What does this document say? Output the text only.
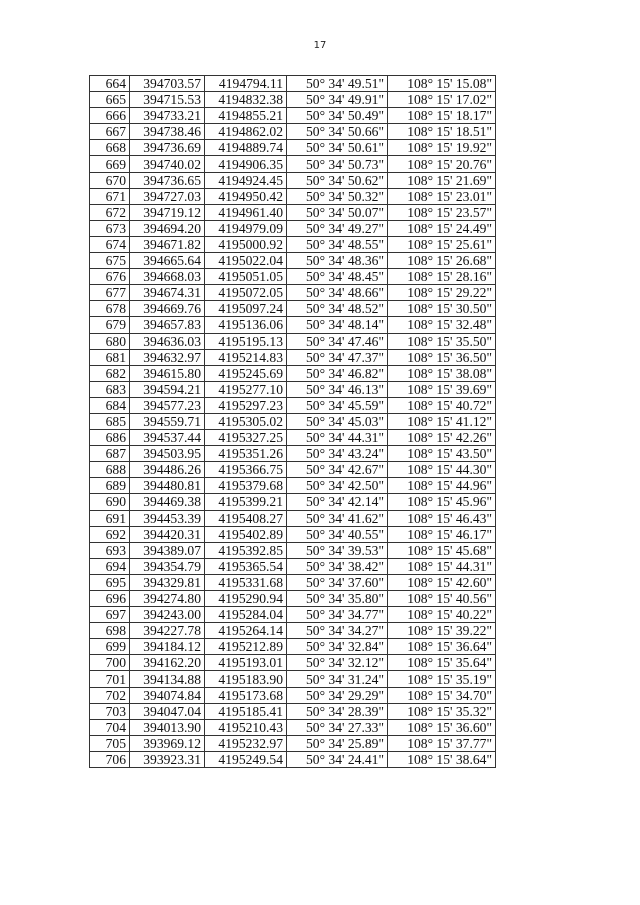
17
664	394703.57	4194794.11	50° 34' 49.51"	108° 15' 15.08"
665	394715.53	4194832.38	50° 34' 49.91"	108° 15' 17.02"
666	394733.21	4194855.21	50° 34' 50.49"	108° 15' 18.17"
667	394738.46	4194862.02	50° 34' 50.66"	108° 15' 18.51"
668	394736.69	4194889.74	50° 34' 50.61"	108° 15' 19.92"
669	394740.02	4194906.35	50° 34' 50.73"	108° 15' 20.76"
670	394736.65	4194924.45	50° 34' 50.62"	108° 15' 21.69"
671	394727.03	4194950.42	50° 34' 50.32"	108° 15' 23.01"
672	394719.12	4194961.40	50° 34' 50.07"	108° 15' 23.57"
673	394694.20	4194979.09	50° 34' 49.27"	108° 15' 24.49"
674	394671.82	4195000.92	50° 34' 48.55"	108° 15' 25.61"
675	394665.64	4195022.04	50° 34' 48.36"	108° 15' 26.68"
676	394668.03	4195051.05	50° 34' 48.45"	108° 15' 28.16"
677	394674.31	4195072.05	50° 34' 48.66"	108° 15' 29.22"
678	394669.76	4195097.24	50° 34' 48.52"	108° 15' 30.50"
679	394657.83	4195136.06	50° 34' 48.14"	108° 15' 32.48"
680	394636.03	4195195.13	50° 34' 47.46"	108° 15' 35.50"
681	394632.97	4195214.83	50° 34' 47.37"	108° 15' 36.50"
682	394615.80	4195245.69	50° 34' 46.82"	108° 15' 38.08"
683	394594.21	4195277.10	50° 34' 46.13"	108° 15' 39.69"
684	394577.23	4195297.23	50° 34' 45.59"	108° 15' 40.72"
685	394559.71	4195305.02	50° 34' 45.03"	108° 15' 41.12"
686	394537.44	4195327.25	50° 34' 44.31"	108° 15' 42.26"
687	394503.95	4195351.26	50° 34' 43.24"	108° 15' 43.50"
688	394486.26	4195366.75	50° 34' 42.67"	108° 15' 44.30"
689	394480.81	4195379.68	50° 34' 42.50"	108° 15' 44.96"
690	394469.38	4195399.21	50° 34' 42.14"	108° 15' 45.96"
691	394453.39	4195408.27	50° 34' 41.62"	108° 15' 46.43"
692	394420.31	4195402.89	50° 34' 40.55"	108° 15' 46.17"
693	394389.07	4195392.85	50° 34' 39.53"	108° 15' 45.68"
694	394354.79	4195365.54	50° 34' 38.42"	108° 15' 44.31"
695	394329.81	4195331.68	50° 34' 37.60"	108° 15' 42.60"
696	394274.80	4195290.94	50° 34' 35.80"	108° 15' 40.56"
697	394243.00	4195284.04	50° 34' 34.77"	108° 15' 40.22"
698	394227.78	4195264.14	50° 34' 34.27"	108° 15' 39.22"
699	394184.12	4195212.89	50° 34' 32.84"	108° 15' 36.64"
700	394162.20	4195193.01	50° 34' 32.12"	108° 15' 35.64"
701	394134.88	4195183.90	50° 34' 31.24"	108° 15' 35.19"
702	394074.84	4195173.68	50° 34' 29.29"	108° 15' 34.70"
703	394047.04	4195185.41	50° 34' 28.39"	108° 15' 35.32"
704	394013.90	4195210.43	50° 34' 27.33"	108° 15' 36.60"
705	393969.12	4195232.97	50° 34' 25.89"	108° 15' 37.77"
706	393923.31	4195249.54	50° 34' 24.41"	108° 15' 38.64"
